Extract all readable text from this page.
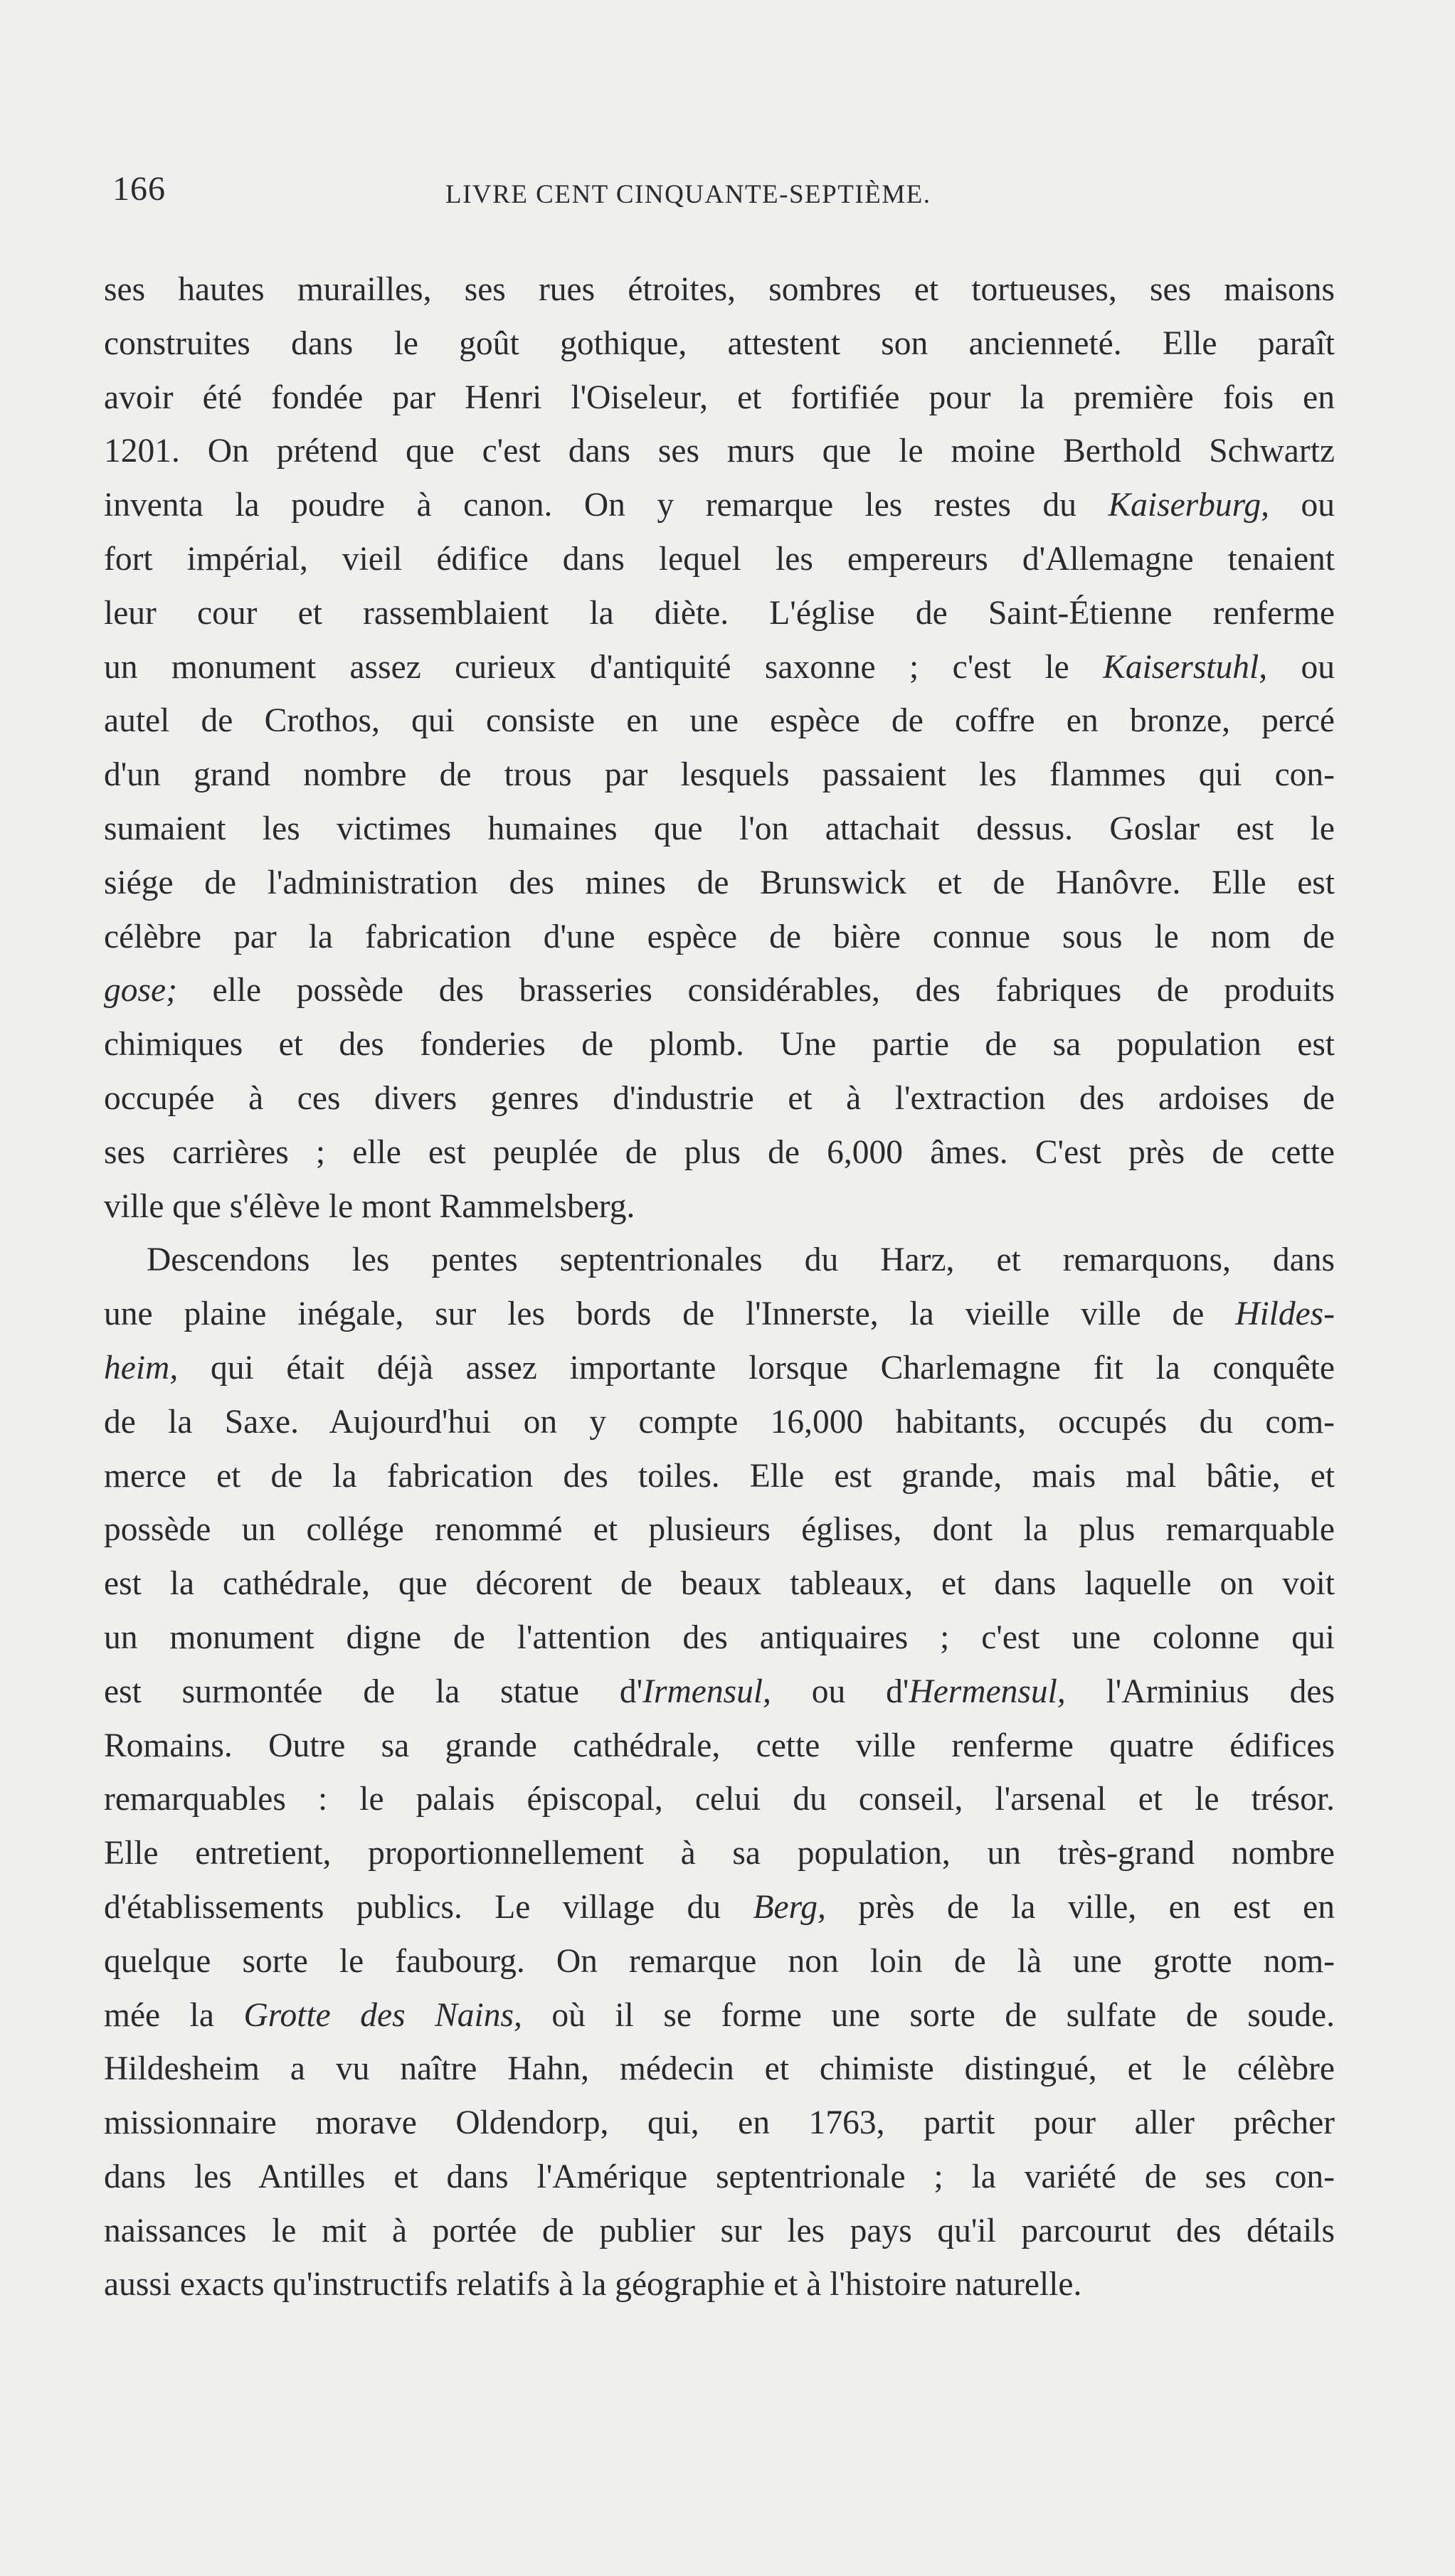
166	LIVRE CENT CINQUANTE-SEPTIÈME.
ses hautes murailles, ses rues étroites, sombres et tortueuses, ses maisons
construites dans le goût gothique, attestent son ancienneté. Elle paraît
avoir été fondée par Henri l'Oiseleur, et fortifiée pour la première fois en
1201. On prétend que c'est dans ses murs que le moine Berthold Schwartz
inventa la poudre à canon. On y remarque les restes du Kaiserburg, ou
fort impérial, vieil édifice dans lequel les empereurs d'Allemagne tenaient
leur cour et rassemblaient la diète. L'église de Saint-Étienne renferme
un monument assez curieux d'antiquité saxonne ; c'est le Kaiserstuhl, ou
autel de Crothos, qui consiste en une espèce de coffre en bronze, percé
d'un grand nombre de trous par lesquels passaient les flammes qui con-
sumaient les victimes humaines que l'on attachait dessus. Goslar est le
siége de l'administration des mines de Brunswick et de Hanôvre. Elle est
célèbre par la fabrication d'une espèce de bière connue sous le nom de
gose; elle possède des brasseries considérables, des fabriques de produits
chimiques et des fonderies de plomb. Une partie de sa population est
occupée à ces divers genres d'industrie et à l'extraction des ardoises de
ses carrières ; elle est peuplée de plus de 6,000 âmes. C'est près de cette
ville que s'élève le mont Rammelsberg.
Descendons les pentes septentrionales du Harz, et remarquons, dans
une plaine inégale, sur les bords de l'Innerste, la vieille ville de Hildes-
heim, qui était déjà assez importante lorsque Charlemagne fit la conquête
de la Saxe. Aujourd'hui on y compte 16,000 habitants, occupés du com-
merce et de la fabrication des toiles. Elle est grande, mais mal bâtie, et
possède un collége renommé et plusieurs églises, dont la plus remarquable
est la cathédrale, que décorent de beaux tableaux, et dans laquelle on voit
un monument digne de l'attention des antiquaires ; c'est une colonne qui
est surmontée de la statue d'Irmensul, ou d'Hermensul, l'Arminius des
Romains. Outre sa grande cathédrale, cette ville renferme quatre édifices
remarquables : le palais épiscopal, celui du conseil, l'arsenal et le trésor.
Elle entretient, proportionnellement à sa population, un très-grand nombre
d'établissements publics. Le village du Berg, près de la ville, en est en
quelque sorte le faubourg. On remarque non loin de là une grotte nom-
mée la Grotte des Nains, où il se forme une sorte de sulfate de soude.
Hildesheim a vu naître Hahn, médecin et chimiste distingué, et le célèbre
missionnaire morave Oldendorp, qui, en 1763, partit pour aller prêcher
dans les Antilles et dans l'Amérique septentrionale ; la variété de ses con-
naissances le mit à portée de publier sur les pays qu'il parcourut des détails
aussi exacts qu'instructifs relatifs à la géographie et à l'histoire naturelle.
